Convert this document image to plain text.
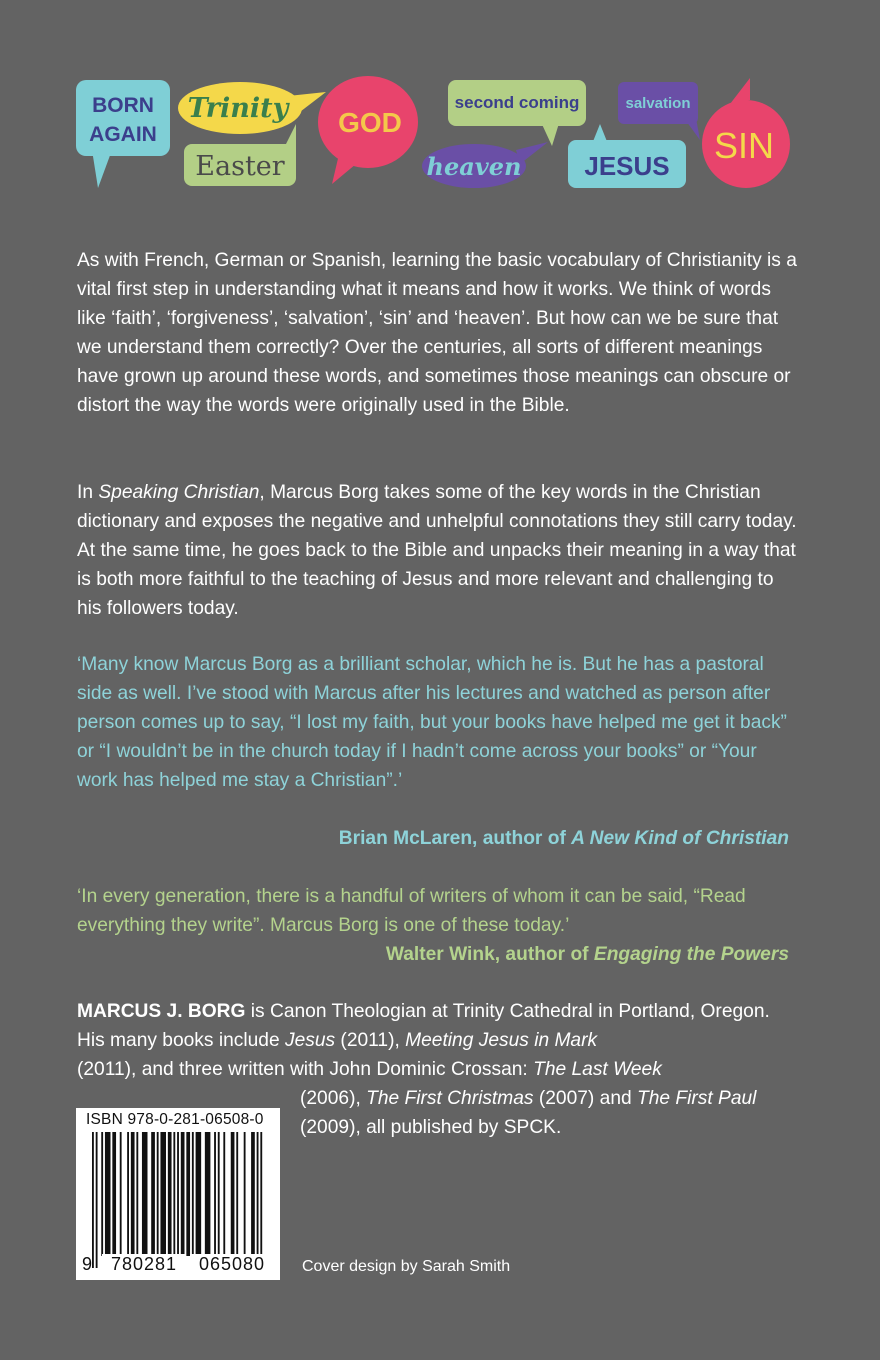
BORN
AGAIN
Trinity
Easter
GOD
second coming
heaven
salvation
JESUS SIN

As with French, German or Spanish, learning the basic vocabulary of Christianity is a vital first step in understanding what it means and how it works. We think of words like ‘faith’, ‘forgiveness’, ‘salvation’, ‘sin’ and ‘heaven’. But how can we be sure that we understand them correctly? Over the centuries, all sorts of different meanings have grown up around these words, and sometimes those meanings can obscure or distort the way the words were originally used in the Bible.

In Speaking Christian, Marcus Borg takes some of the key words in the Christian dictionary and exposes the negative and unhelpful connotations they still carry today. At the same time, he goes back to the Bible and unpacks their meaning in a way that is both more faithful to the teaching of Jesus and more relevant and challenging to his followers today.

‘Many know Marcus Borg as a brilliant scholar, which he is. But he has a pastoral side as well. I’ve stood with Marcus after his lectures and watched as person after person comes up to say, “I lost my faith, but your books have helped me get it back” or “I wouldn’t be in the church today if I hadn’t come across your books” or “Your work has helped me stay a Christian”.’

Brian McLaren, author of A New Kind of Christian

‘In every generation, there is a handful of writers of whom it can be said, “Read everything they write”. Marcus Borg is one of these today.’

Walter Wink, author of Engaging the Powers

MARCUS J. BORG is Canon Theologian at Trinity Cathedral in Portland, Oregon. His many books include Jesus (2011), Meeting Jesus in Mark
(2011), and three written with John Dominic Crossan: The Last Week

(2006), The First Christmas (2007) and The First Paul (2009), all published by SPCK.

ISBN 978-0-281-06508-0
9	780281	065080	Cover design by Sarah Smith
